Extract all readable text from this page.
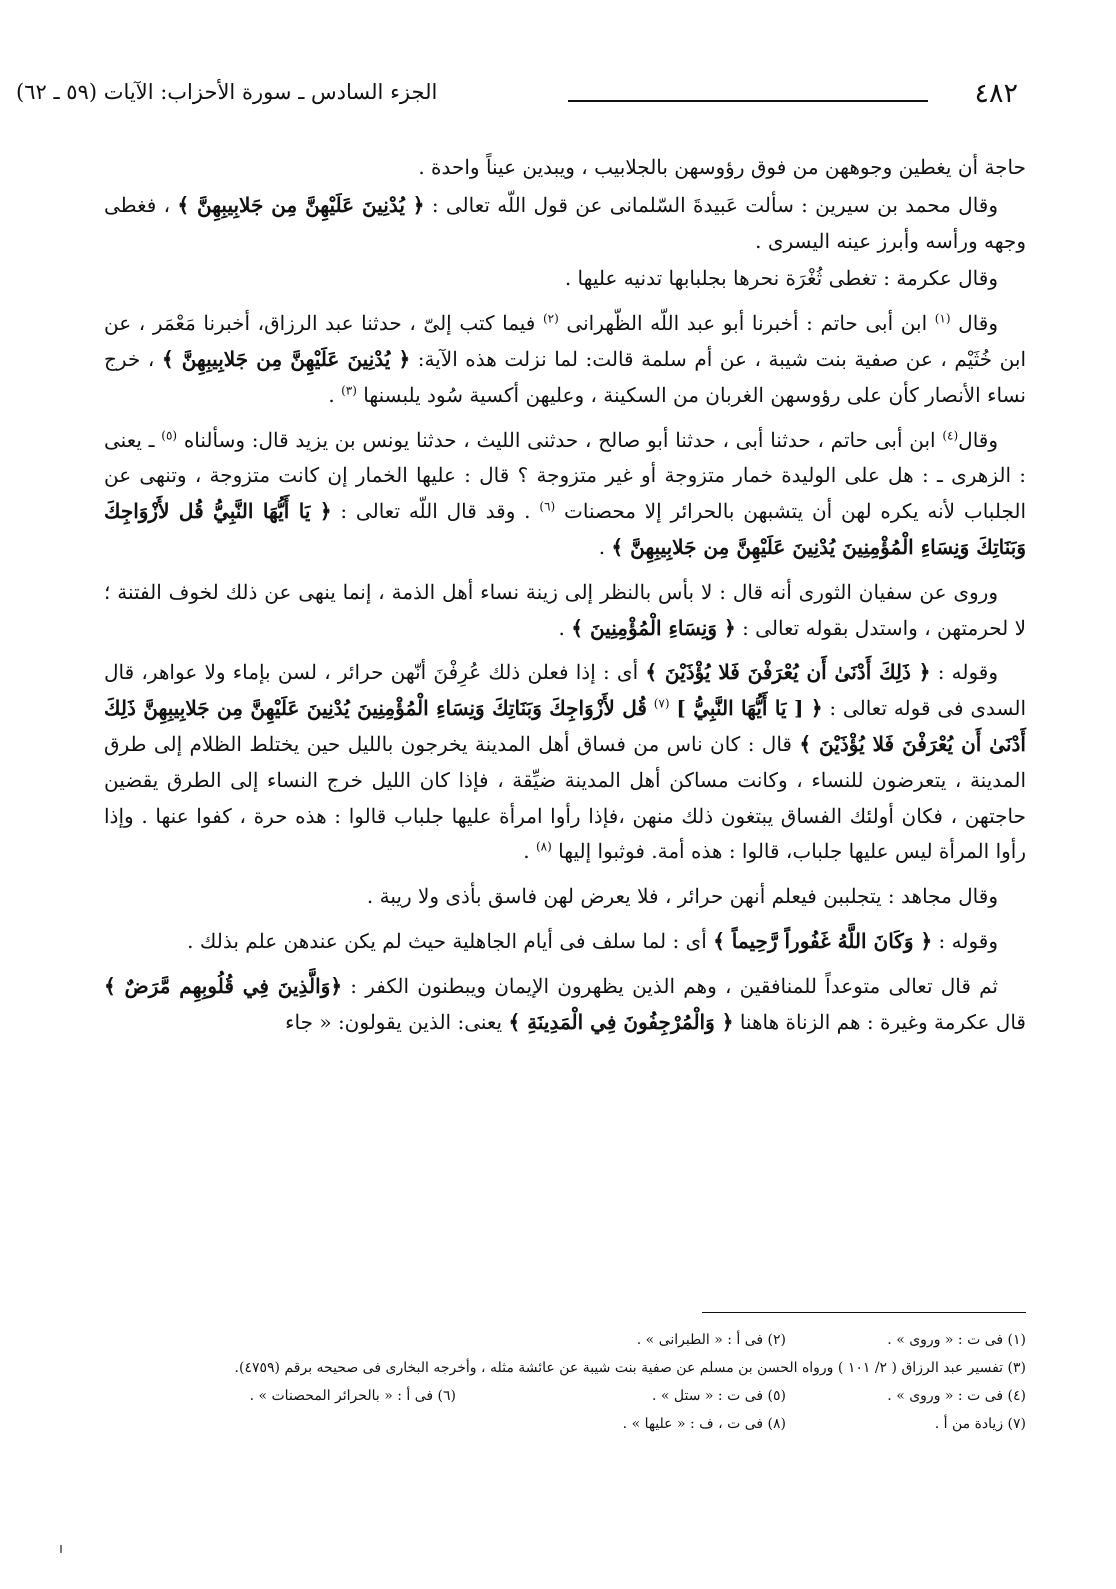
٤٨٢
الجزء السادس ـ سورة الأحزاب: الآيات (٥٩ ـ ٦٢)

حاجة أن يغطين وجوههن من فوق رؤوسهن بالجلابيب ، ويبدين عيناً واحدة .

وقال محمد بن سيرين : سألت عَبيدةَ السّلمانى عن قول اللّه تعالى : ﴿ يُدْنِينَ عَلَيْهِنَّ مِن جَلابِيبِهِنَّ ﴾ ، فغطى وجهه ورأسه وأبرز عينه اليسرى .

وقال عكرمة : تغطى ثُغْرَة نحرها بجلبابها تدنيه عليها .

وقال $^{(١)}$ ابن أبى حاتم : أخبرنا أبو عبد اللّه الظّهرانى $^{(٢)}$ فيما كتب إلىّ ، حدثنا عبد الرزاق، أخبرنا مَعْمَر ، عن ابن خُثَيْم ، عن صفية بنت شيبة ، عن أم سلمة قالت: لما نزلت هذه الآية: ﴿ يُدْنِينَ عَلَيْهِنَّ مِن جَلابِيبِهِنَّ ﴾ ، خرج نساء الأنصار كأن على رؤوسهن الغربان من السكينة ، وعليهن أكسية سُود يلبسنها $^{(٣)}$ .

وقال$^{(٤)}$ ابن أبى حاتم ، حدثنا أبى ، حدثنا أبو صالح ، حدثنى الليث ، حدثنا يونس بن يزيد قال: وسألناه $^{(٥)}$ ـ يعنى : الزهرى ـ : هل على الوليدة خمار متزوجة أو غير متزوجة ؟ قال : عليها الخمار إن كانت متزوجة ، وتنهى عن الجلباب لأنه يكره لهن أن يتشبهن بالحرائر إلا محصنات $^{(٦)}$ . وقد قال اللّه تعالى : ﴿ يَا أَيُّهَا النَّبِيُّ قُل لأَزْوَاجِكَ وَبَنَاتِكَ وَنِسَاءِ الْمُؤْمِنِينَ يُدْنِينَ عَلَيْهِنَّ مِن جَلابِيبِهِنَّ ﴾ .

وروى عن سفيان الثورى أنه قال : لا بأس بالنظر إلى زينة نساء أهل الذمة ، إنما ينهى عن ذلك لخوف الفتنة ؛ لا لحرمتهن ، واستدل بقوله تعالى : ﴿ وَنِسَاءِ الْمُؤْمِنِينَ ﴾ .

وقوله : ﴿ ذَلِكَ أَدْنَىٰ أَن يُعْرَفْنَ فَلا يُؤْذَيْنَ ﴾ أى : إذا فعلن ذلك عُرِفْنَ أنّهن حرائر ، لسن بإماء ولا عواهر، قال السدى فى قوله تعالى : ﴿ [ يَا أَيُّهَا النَّبِيُّ ] $^{(٧)}$ قُل لأَزْوَاجِكَ وَبَنَاتِكَ وَنِسَاءِ الْمُؤْمِنِينَ يُدْنِينَ عَلَيْهِنَّ مِن جَلابِيبِهِنَّ ذَلِكَ أَدْنَىٰ أَن يُعْرَفْنَ فَلا يُؤْذَيْنَ ﴾ قال : كان ناس من فساق أهل المدينة يخرجون بالليل حين يختلط الظلام إلى طرق المدينة ، يتعرضون للنساء ، وكانت مساكن أهل المدينة ضيِّقة ، فإذا كان الليل خرج النساء إلى الطرق يقضين حاجتهن ، فكان أولئك الفساق يبتغون ذلك منهن ،فإذا رأوا امرأة عليها جلباب قالوا : هذه حرة ، كفوا عنها . وإذا رأوا المرأة ليس عليها جلباب، قالوا : هذه أمة. فوثبوا إليها $^{(٨)}$ .

وقال مجاهد : يتجلببن فيعلم أنهن حرائر ، فلا يعرض لهن فاسق بأذى ولا ريبة .

وقوله : ﴿ وَكَانَ اللَّهُ غَفُوراً رَّحِيماً ﴾ أى : لما سلف فى أيام الجاهلية حيث لم يكن عندهن علم بذلك .

ثم قال تعالى متوعداً للمنافقين ، وهم الذين يظهرون الإيمان ويبطنون الكفر : ﴿وَالَّذِينَ فِي قُلُوبِهِم مَّرَضٌ ﴾ قال عكرمة وغيرة : هم الزناة هاهنا ﴿ وَالْمُرْجِفُونَ فِي الْمَدِينَةِ ﴾ يعنى: الذين يقولون: « جاء

(١) فى ت : « وروى » .
(٢) فى أ : « الطبرانى » .
(٣) تفسير عبد الرزاق ( ٢/ ١٠١ ) ورواه الحسن بن مسلم عن صفية بنت شيبة عن عائشة مثله ، وأخرجه البخارى فى صحيحه برقم (٤٧٥٩).
(٤) فى ت : « وروى » .
(٥) فى ت : « ستل » .
(٦) فى أ : « بالحرائر المحصنات » .
(٧) زيادة من أ .
(٨) فى ت ، ف : « عليها » .
